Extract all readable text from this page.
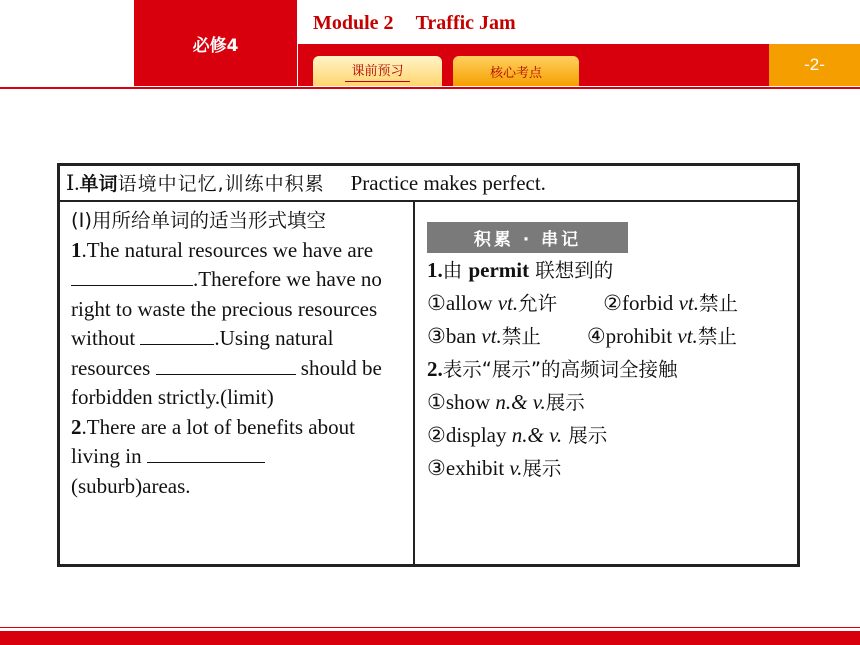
必修4
Module 2 Traffic Jam
课前预习	核心考点	-2-
Ⅰ.单词语境中记忆,训练中积累 Practice makes perfect.

(Ⅰ)用所给单词的适当形式填空

1.The natural resources we have are .Therefore we have no right to waste the precious resources without	.Using natural resources	should be forbidden strictly.(limit)

2.There are a lot of benefits about living in
(suburb)areas.

积累 · 串记

1.由 permit 联想到的

①allow vt.允许 ②forbid vt.禁止

③ban vt.禁止 ④prohibit vt.禁止

2.表示“展示”的高频词全接触

①show n.& v.展示

②display n.& v. 展示

③exhibit v.展示
